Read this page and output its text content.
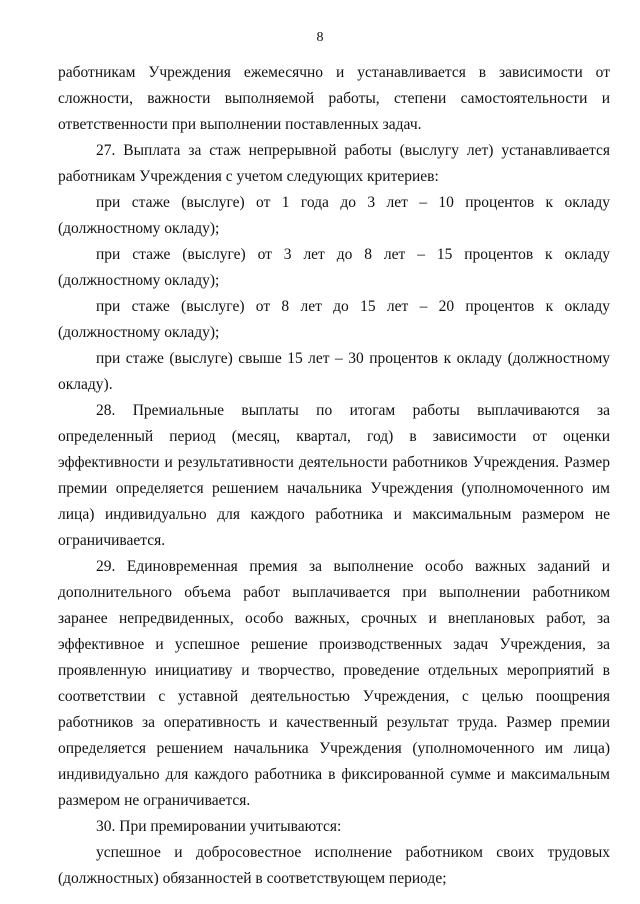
8

работникам Учреждения ежемесячно и устанавливается в зависимости от сложности, важности выполняемой работы, степени самостоятельности и ответственности при выполнении поставленных задач.

27. Выплата за стаж непрерывной работы (выслугу лет) устанавливается работникам Учреждения с учетом следующих критериев:

при стаже (выслуге) от 1 года до 3 лет – 10 процентов к окладу (должностному окладу);

при стаже (выслуге) от 3 лет до 8 лет – 15 процентов к окладу (должностному окладу);

при стаже (выслуге) от 8 лет до 15 лет – 20 процентов к окладу (должностному окладу);

при стаже (выслуге) свыше 15 лет – 30 процентов к окладу (должностному окладу).

28. Премиальные выплаты по итогам работы выплачиваются за определенный период (месяц, квартал, год) в зависимости от оценки эффективности и результативности деятельности работников Учреждения. Размер премии определяется решением начальника Учреждения (уполномоченного им лица) индивидуально для каждого работника и максимальным размером не ограничивается.

29. Единовременная премия за выполнение особо важных заданий и дополнительного объема работ выплачивается при выполнении работником заранее непредвиденных, особо важных, срочных и внеплановых работ, за эффективное и успешное решение производственных задач Учреждения, за проявленную инициативу и творчество, проведение отдельных мероприятий в соответствии с уставной деятельностью Учреждения, с целью поощрения работников за оперативность и качественный результат труда. Размер премии определяется решением начальника Учреждения (уполномоченного им лица) индивидуально для каждого работника в фиксированной сумме и максимальным размером не ограничивается.

30. При премировании учитываются:

успешное и добросовестное исполнение работником своих трудовых (должностных) обязанностей в соответствующем периоде;
